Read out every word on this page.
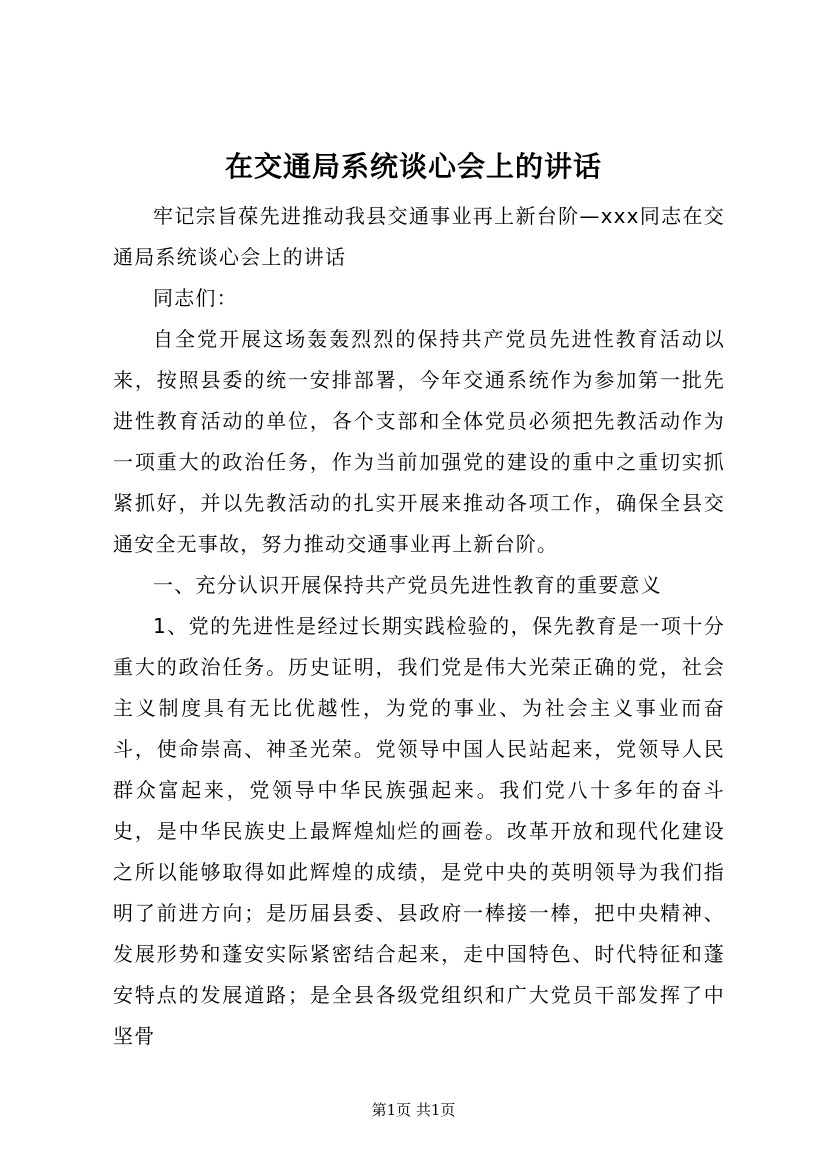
在交通局系统谈心会上的讲话

牢记宗旨葆先进推动我县交通事业再上新台阶—xxx同志在交通局系统谈心会上的讲话

同志们：

自全党开展这场轰轰烈烈的保持共产党员先进性教育活动以来，按照县委的统一安排部署，今年交通系统作为参加第一批先进性教育活动的单位，各个支部和全体党员必须把先教活动作为一项重大的政治任务，作为当前加强党的建设的重中之重切实抓紧抓好，并以先教活动的扎实开展来推动各项工作，确保全县交通安全无事故，努力推动交通事业再上新台阶。

一、充分认识开展保持共产党员先进性教育的重要意义

1、党的先进性是经过长期实践检验的，保先教育是一项十分重大的政治任务。历史证明，我们党是伟大光荣正确的党，社会主义制度具有无比优越性，为党的事业、为社会主义事业而奋斗，使命崇高、神圣光荣。党领导中国人民站起来，党领导人民群众富起来，党领导中华民族强起来。我们党八十多年的奋斗史，是中华民族史上最辉煌灿烂的画卷。改革开放和现代化建设之所以能够取得如此辉煌的成绩，是党中央的英明领导为我们指明了前进方向；是历届县委、县政府一棒接一棒，把中央精神、发展形势和蓬安实际紧密结合起来，走中国特色、时代特征和蓬安特点的发展道路；是全县各级党组织和广大党员干部发挥了中坚骨

第1页 共1页
